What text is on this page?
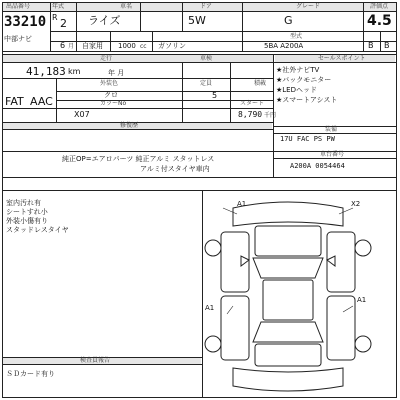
出品番号	年式	車名	ドア	グレード	評価点
33210 R 2 ライズ	5W	G	4.5
中部ナビ
6 月 自家用 1000 cc ガソリン
型式
5BA A200A	B B
走行	車検
41,183 km	年 月
外装色	定員
クロ	5
積載
FAT AAC	カラーNo	スタート
X07	8,790 千円
修復歴
セールスポイント
★社外ナビTV
★バックモニター
★LEDヘッド
★スマートアシスト
装備
17U FAC PS PW
純正OP=エアロパーツ 純正アルミ スタットレス
アルミ付スタイヤ車内
車台番号
A200A 0054464
室内汚れ有
シートすれ小
外装小傷有り
スタッドレスタイヤ
検査員報告
ＳＤカード有り
A1	X2
A1
A1
